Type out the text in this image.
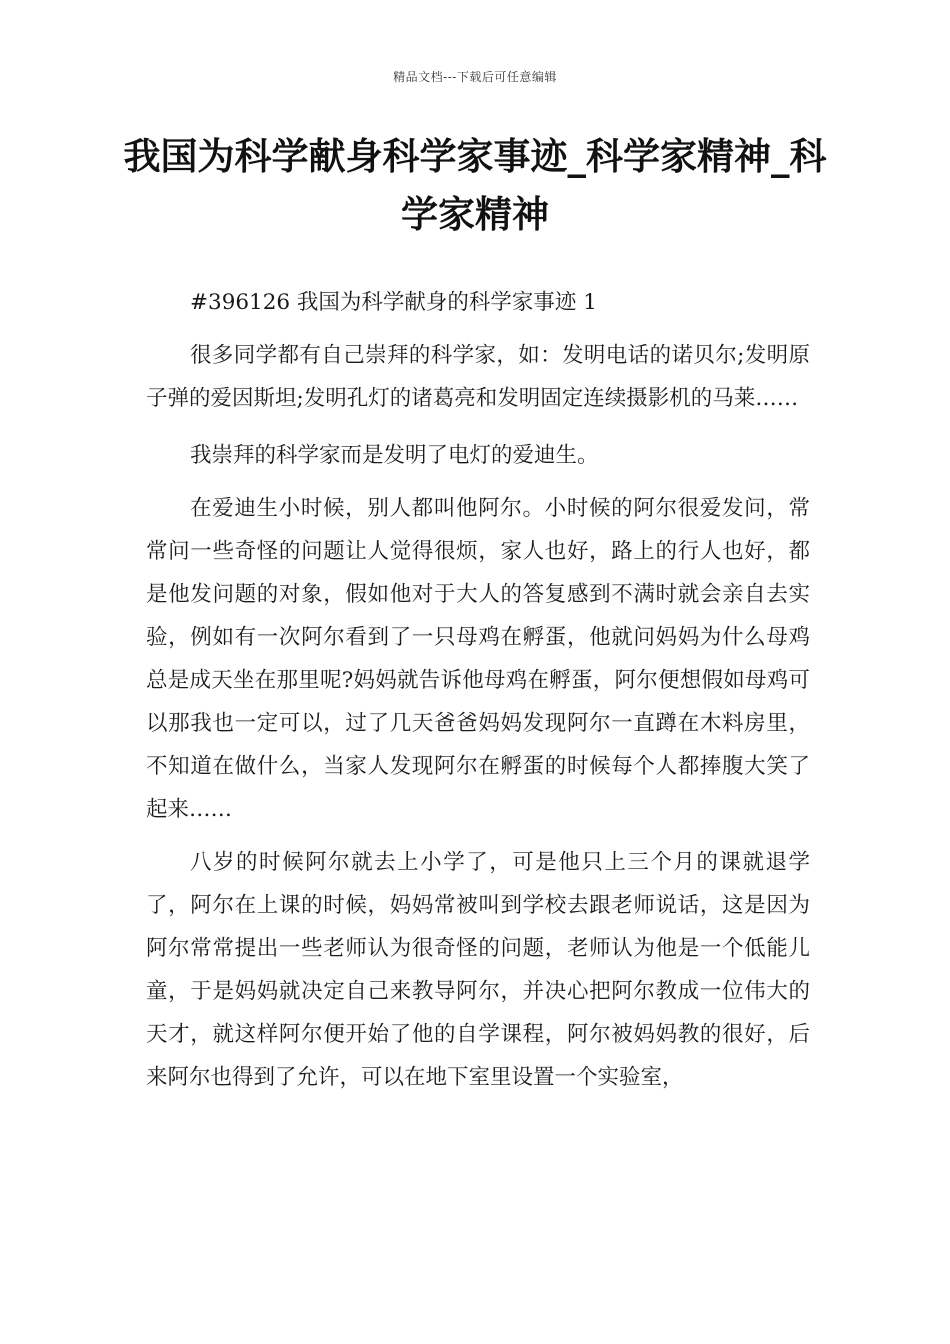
精品文档---下载后可任意编辑
我国为科学献身科学家事迹_科学家精神_科学家精神

#396126 我国为科学献身的科学家事迹 1

很多同学都有自己崇拜的科学家，如：发明电话的诺贝尔;发明原子弹的爱因斯坦;发明孔灯的诸葛亮和发明固定连续摄影机的马莱……

我崇拜的科学家而是发明了电灯的爱迪生。

在爱迪生小时候，别人都叫他阿尔。小时候的阿尔很爱发问，常常问一些奇怪的问题让人觉得很烦，家人也好，路上的行人也好，都是他发问题的对象，假如他对于大人的答复感到不满时就会亲自去实验，例如有一次阿尔看到了一只母鸡在孵蛋，他就问妈妈为什么母鸡总是成天坐在那里呢?妈妈就告诉他母鸡在孵蛋，阿尔便想假如母鸡可以那我也一定可以，过了几天爸爸妈妈发现阿尔一直蹲在木料房里，不知道在做什么，当家人发现阿尔在孵蛋的时候每个人都捧腹大笑了起来……

八岁的时候阿尔就去上小学了，可是他只上三个月的课就退学了，阿尔在上课的时候，妈妈常被叫到学校去跟老师说话，这是因为阿尔常常提出一些老师认为很奇怪的问题，老师认为他是一个低能儿童，于是妈妈就决定自己来教导阿尔，并决心把阿尔教成一位伟大的天才，就这样阿尔便开始了他的自学课程，阿尔被妈妈教的很好，后来阿尔也得到了允许，可以在地下室里设置一个实验室，
